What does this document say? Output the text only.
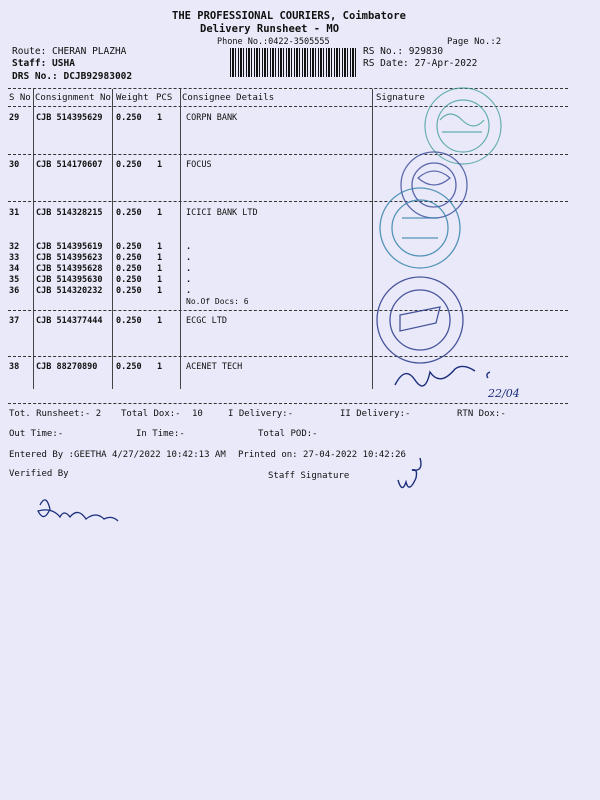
THE PROFESSIONAL COURIERS, Coimbatore
Delivery Runsheet - MO
Phone No.:0422-3505555	Page No.:2
Route: CHERAN PLAZHA
Staff: USHA
DRS No.: DCJB92983002
RS No.: 929830
RS Date: 27-Apr-2022
S No Consignment No Weight PCS Consignee Details	Signature
29 CJB 514395629 0.250 1	CORPN BANK
30 CJB 514170607 0.250 1	FOCUS
31 CJB 514328215 0.250 1	ICICI BANK LTD
32 CJB 514395619 0.250 1	.
33 CJB 514395623 0.250 1	.
34 CJB 514395628 0.250 1	.
35 CJB 514395630 0.250 1	.
36 CJB 514320232 0.250 1	.
No.Of Docs: 6
37 CJB 514377444 0.250 1	ECGC LTD
38 CJB 88270890 0.250 1	ACENET TECH
Tot. Runsheet:- 2 Total Dox:- 10	I Delivery:-	II Delivery:-	RTN Dox:-
Out Time:-	In Time:-	Total POD:-
Entered By :GEETHA 4/27/2022 10:42:13 AM Printed on: 27-04-2022 10:42:26
Verified By	Staff Signature
22/04
